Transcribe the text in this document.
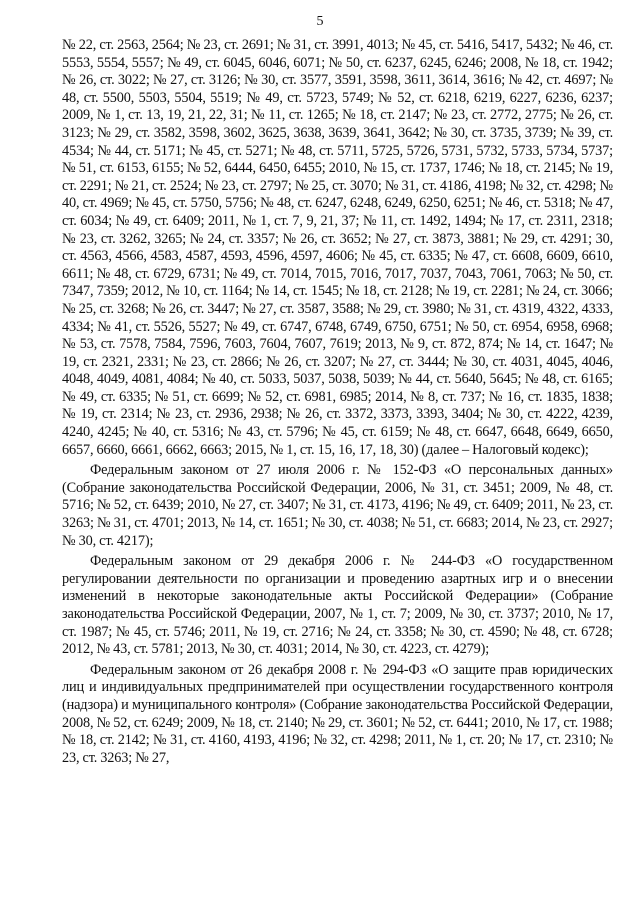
5

№ 22, ст. 2563, 2564; № 23, ст. 2691; № 31, ст. 3991, 4013; № 45, ст. 5416, 5417, 5432; № 46, ст. 5553, 5554, 5557; № 49, ст. 6045, 6046, 6071; № 50, ст. 6237, 6245, 6246; 2008, № 18, ст. 1942; № 26, ст. 3022; № 27, ст. 3126; № 30, ст. 3577, 3591, 3598, 3611, 3614, 3616; № 42, ст. 4697; № 48, ст. 5500, 5503, 5504, 5519; № 49, ст. 5723, 5749; № 52, ст. 6218, 6219, 6227, 6236, 6237; 2009, № 1, ст. 13, 19, 21, 22, 31; № 11, ст. 1265; № 18, ст. 2147; № 23, ст. 2772, 2775; № 26, ст. 3123; № 29, ст. 3582, 3598, 3602, 3625, 3638, 3639, 3641, 3642; № 30, ст. 3735, 3739; № 39, ст. 4534; № 44, ст. 5171; № 45, ст. 5271; № 48, ст. 5711, 5725, 5726, 5731, 5732, 5733, 5734, 5737; № 51, ст. 6153, 6155; № 52, 6444, 6450, 6455; 2010, № 15, ст. 1737, 1746; № 18, ст. 2145; № 19, ст. 2291; № 21, ст. 2524; № 23, ст. 2797; № 25, ст. 3070; № 31, ст. 4186, 4198; № 32, ст. 4298; № 40, ст. 4969; № 45, ст. 5750, 5756; № 48, ст. 6247, 6248, 6249, 6250, 6251; № 46, ст. 5318; № 47, ст. 6034; № 49, ст. 6409; 2011, № 1, ст. 7, 9, 21, 37; № 11, ст. 1492, 1494; № 17, ст. 2311, 2318; № 23, ст. 3262, 3265; № 24, ст. 3357; № 26, ст. 3652; № 27, ст. 3873, 3881; № 29, ст. 4291; 30, ст. 4563, 4566, 4583, 4587, 4593, 4596, 4597, 4606; № 45, ст. 6335; № 47, ст. 6608, 6609, 6610, 6611; № 48, ст. 6729, 6731; № 49, ст. 7014, 7015, 7016, 7017, 7037, 7043, 7061, 7063; № 50, ст. 7347, 7359; 2012, № 10, ст. 1164; № 14, ст. 1545; № 18, ст. 2128; № 19, ст. 2281; № 24, ст. 3066; № 25, ст. 3268; № 26, ст. 3447; № 27, ст. 3587, 3588; № 29, ст. 3980; № 31, ст. 4319, 4322, 4333, 4334; № 41, ст. 5526, 5527; № 49, ст. 6747, 6748, 6749, 6750, 6751; № 50, ст. 6954, 6958, 6968; № 53, ст. 7578, 7584, 7596, 7603, 7604, 7607, 7619; 2013, № 9, ст. 872, 874; № 14, ст. 1647; № 19, ст. 2321, 2331; № 23, ст. 2866; № 26, ст. 3207; № 27, ст. 3444; № 30, ст. 4031, 4045, 4046, 4048, 4049, 4081, 4084; № 40, ст. 5033, 5037, 5038, 5039; № 44, ст. 5640, 5645; № 48, ст. 6165; № 49, ст. 6335; № 51, ст. 6699; № 52, ст. 6981, 6985; 2014, № 8, ст. 737; № 16, ст. 1835, 1838; № 19, ст. 2314; № 23, ст. 2936, 2938; № 26, ст. 3372, 3373, 3393, 3404; № 30, ст. 4222, 4239, 4240, 4245; № 40, ст. 5316; № 43, ст. 5796; № 45, ст. 6159; № 48, ст. 6647, 6648, 6649, 6650, 6657, 6660, 6661, 6662, 6663; 2015, № 1, ст. 15, 16, 17, 18, 30) (далее – Налоговый кодекс);

Федеральным законом от 27 июля 2006 г. № 152-ФЗ «О персональных данных» (Собрание законодательства Российской Федерации, 2006, № 31, ст. 3451; 2009, № 48, ст. 5716; № 52, ст. 6439; 2010, № 27, ст. 3407; № 31, ст. 4173, 4196; № 49, ст. 6409; 2011, № 23, ст. 3263; № 31, ст. 4701; 2013, № 14, ст. 1651; № 30, ст. 4038; № 51, ст. 6683; 2014, № 23, ст. 2927; № 30, ст. 4217);

Федеральным законом от 29 декабря 2006 г. № 244-ФЗ «О государственном регулировании деятельности по организации и проведению азартных игр и о внесении изменений в некоторые законодательные акты Российской Федерации» (Собрание законодательства Российской Федерации, 2007, № 1, ст. 7; 2009, № 30, ст. 3737; 2010, № 17, ст. 1987; № 45, ст. 5746; 2011, № 19, ст. 2716; № 24, ст. 3358; № 30, ст. 4590; № 48, ст. 6728; 2012, № 43, ст. 5781; 2013, № 30, ст. 4031; 2014, № 30, ст. 4223, ст. 4279);

Федеральным законом от 26 декабря 2008 г. № 294-ФЗ «О защите прав юридических лиц и индивидуальных предпринимателей при осуществлении государственного контроля (надзора) и муниципального контроля» (Собрание законодательства Российской Федерации, 2008, № 52, ст. 6249; 2009, № 18, ст. 2140; № 29, ст. 3601; № 52, ст. 6441; 2010, № 17, ст. 1988; № 18, ст. 2142; № 31, ст. 4160, 4193, 4196; № 32, ст. 4298; 2011, № 1, ст. 20; № 17, ст. 2310; № 23, ст. 3263; № 27,
